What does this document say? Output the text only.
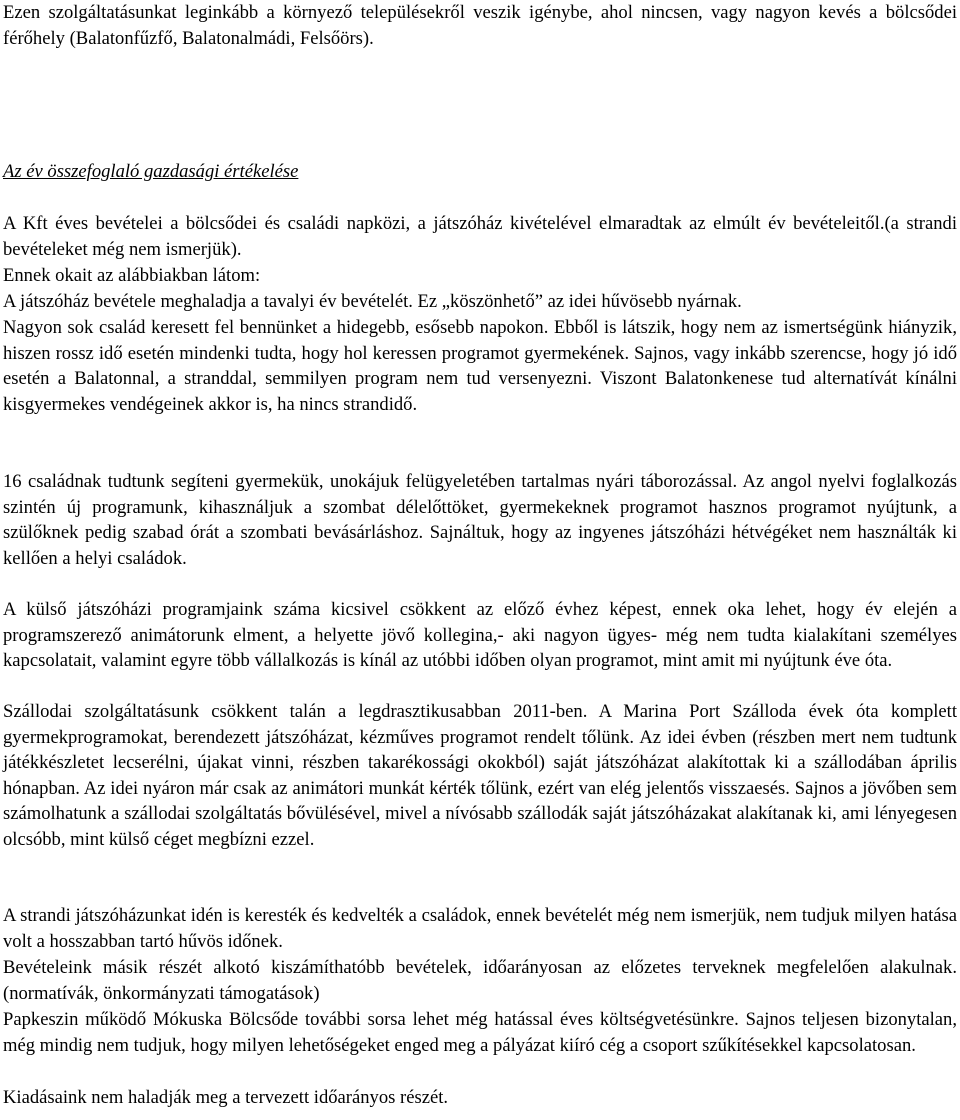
Ezen szolgáltatásunkat leginkább a környező településekről veszik igénybe, ahol nincsen, vagy nagyon kevés a bölcsődei férőhely (Balatonfűzfő, Balatonalmádi, Felsőörs).

Az év összefoglaló gazdasági értékelése

A Kft éves bevételei a bölcsődei és családi napközi, a játszóház kivételével elmaradtak az elmúlt év bevételeitől.(a strandi bevételeket még nem ismerjük).

Ennek okait az alábbiakban látom:

A játszóház bevétele meghaladja a tavalyi év bevételét. Ez „köszönhető” az idei hűvösebb nyárnak.

Nagyon sok család keresett fel bennünket a hidegebb, esősebb napokon. Ebből is látszik, hogy nem az ismertségünk hiányzik, hiszen rossz idő esetén mindenki tudta, hogy hol keressen programot gyermekének. Sajnos, vagy inkább szerencse, hogy jó idő esetén a Balatonnal, a stranddal, semmilyen program nem tud versenyezni. Viszont Balatonkenese tud alternatívát kínálni kisgyermekes vendégeinek akkor is, ha nincs strandidő.

16 családnak tudtunk segíteni gyermekük, unokájuk felügyeletében tartalmas nyári táborozással. Az angol nyelvi foglalkozás szintén új programunk, kihasználjuk a szombat délelőttöket, gyermekeknek programot hasznos programot nyújtunk, a szülőknek pedig szabad órát a szombati bevásárláshoz. Sajnáltuk, hogy az ingyenes játszóházi hétvégéket nem használták ki kellően a helyi családok.

A külső játszóházi programjaink száma kicsivel csökkent az előző évhez képest, ennek oka lehet, hogy év elején a programszerező animátorunk elment, a helyette jövő kollegina,- aki nagyon ügyes- még nem tudta kialakítani személyes kapcsolatait, valamint egyre több vállalkozás is kínál az utóbbi időben olyan programot, mint amit mi nyújtunk éve óta.

Szállodai szolgáltatásunk csökkent talán a legdrasztikusabban 2011-ben. A Marina Port Szálloda évek óta komplett gyermekprogramokat, berendezett játszóházat, kézműves programot rendelt tőlünk. Az idei évben (részben mert nem tudtunk játékkészletet lecserélni, újakat vinni, részben takarékossági okokból) saját játszóházat alakítottak ki a szállodában április hónapban. Az idei nyáron már csak az animátori munkát kérték tőlünk, ezért van elég jelentős visszaesés. Sajnos a jövőben sem számolhatunk a szállodai szolgáltatás bővülésével, mivel a nívósabb szállodák saját játszóházakat alakítanak ki, ami lényegesen olcsóbb, mint külső céget megbízni ezzel.

A strandi játszóházunkat idén is keresték és kedvelték a családok, ennek bevételét még nem ismerjük, nem tudjuk milyen hatása volt a hosszabban tartó hűvös időnek.

Bevételeink másik részét alkotó kiszámíthatóbb bevételek, időarányosan az előzetes terveknek megfelelően alakulnak. (normatívák, önkormányzati támogatások)

Papkeszin működő Mókuska Bölcsőde további sorsa lehet még hatással éves költségvetésünkre. Sajnos teljesen bizonytalan, még mindig nem tudjuk, hogy milyen lehetőségeket enged meg a pályázat kiíró cég a csoport szűkítésekkel kapcsolatosan.

Kiadásaink nem haladják meg a tervezett időarányos részét.
